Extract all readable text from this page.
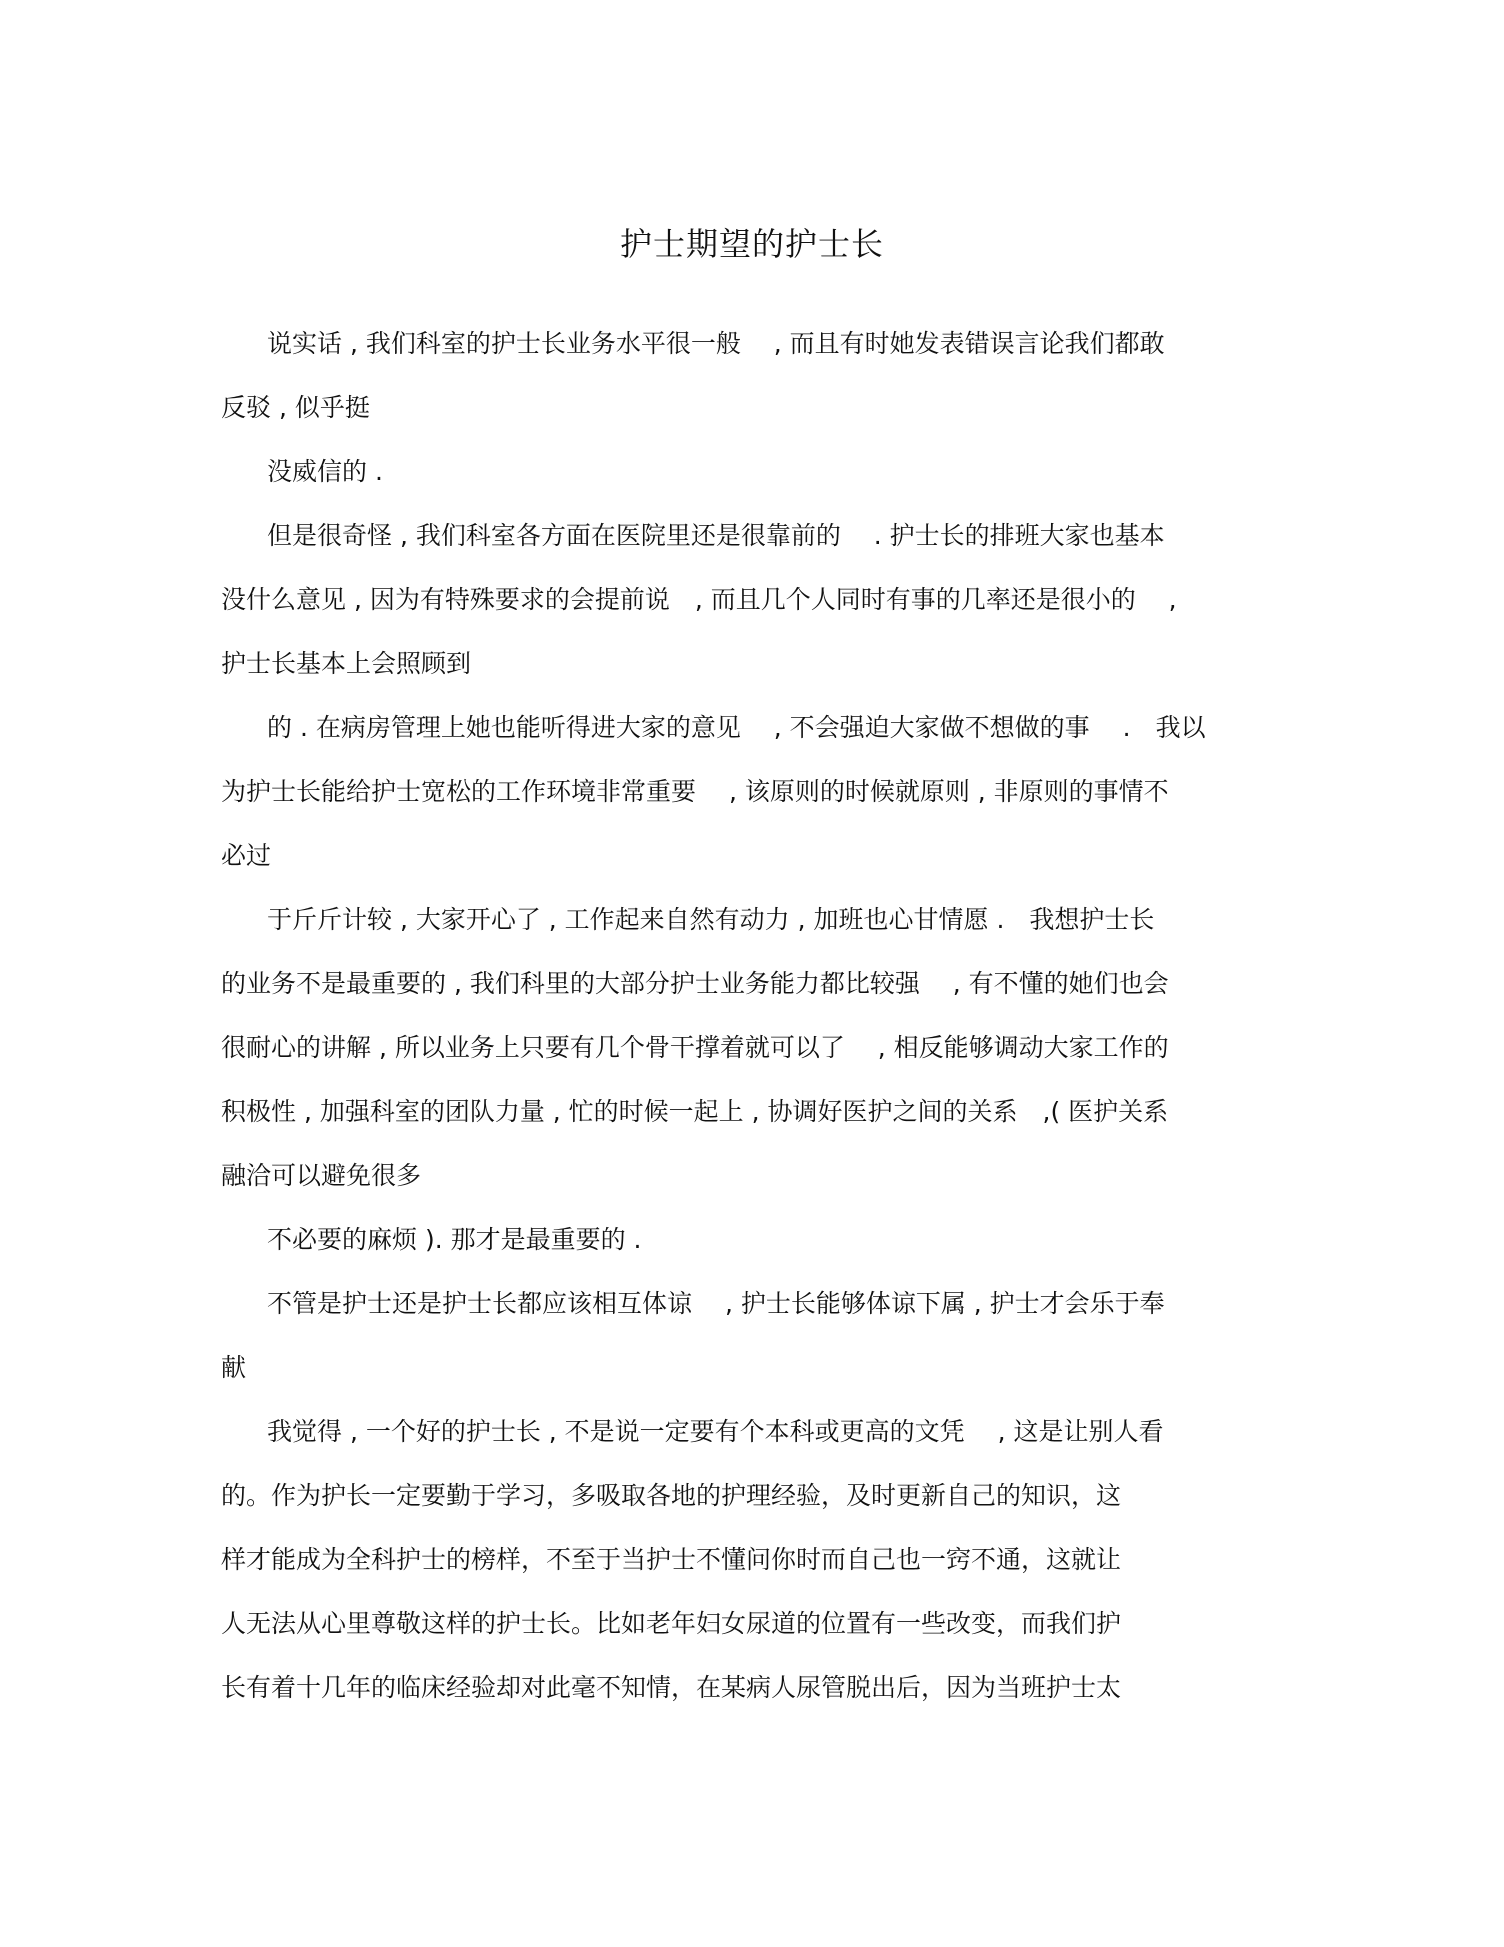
护士期望的护士长
说实话 , 我们科室的护士长业务水平很一般　 , 而且有时她发表错误言论我们都敢
反驳 , 似乎挺
没威信的 .
但是很奇怪 , 我们科室各方面在医院里还是很靠前的　 . 护士长的排班大家也基本
没什么意见 , 因为有特殊要求的会提前说　, 而且几个人同时有事的几率还是很小的　 ,
护士长基本上会照顾到
的 . 在病房管理上她也能听得进大家的意见　 , 不会强迫大家做不想做的事　 .　我以
为护士长能给护士宽松的工作环境非常重要　 , 该原则的时候就原则 , 非原则的事情不
必过
于斤斤计较 , 大家开心了 , 工作起来自然有动力 , 加班也心甘情愿 .　我想护士长
的业务不是最重要的 , 我们科里的大部分护士业务能力都比较强　 , 有不懂的她们也会
很耐心的讲解 , 所以业务上只要有几个骨干撑着就可以了　 , 相反能够调动大家工作的
积极性 , 加强科室的团队力量 , 忙的时候一起上 , 协调好医护之间的关系　,( 医护关系
融洽可以避免很多
不必要的麻烦 ). 那才是最重要的 .
不管是护士还是护士长都应该相互体谅　 , 护士长能够体谅下属 , 护士才会乐于奉
献
我觉得 , 一个好的护士长 , 不是说一定要有个本科或更高的文凭　 , 这是让别人看
的。作为护长一定要勤于学习，多吸取各地的护理经验，及时更新自己的知识，这
样才能成为全科护士的榜样，不至于当护士不懂问你时而自己也一窍不通，这就让
人无法从心里尊敬这样的护士长。比如老年妇女尿道的位置有一些改变，而我们护
长有着十几年的临床经验却对此毫不知情，在某病人尿管脱出后，因为当班护士太
